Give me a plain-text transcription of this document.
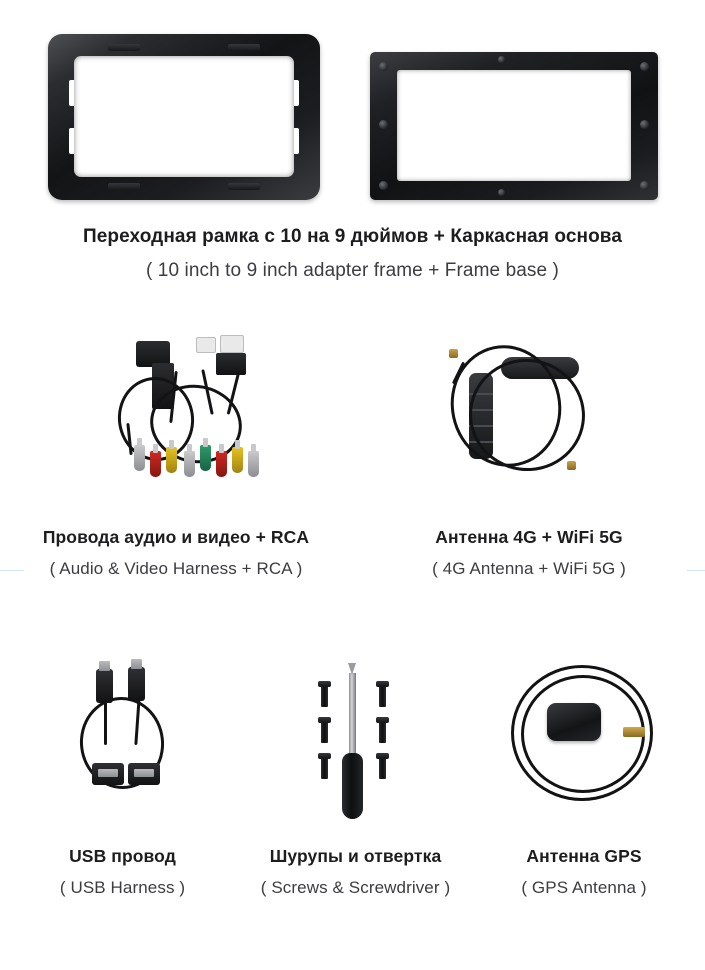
Переходная рамка с 10 на 9 дюймов + Каркасная основа
( 10 inch to 9 inch adapter frame + Frame base )
Провода аудио и видео + RCA
( Audio & Video Harness + RCA )
Антенна 4G + WiFi 5G
( 4G Antenna + WiFi 5G )
USB провод
( USB Harness )
Шурупы и отвертка
( Screws & Screwdriver )
Антенна GPS
( GPS Antenna )
